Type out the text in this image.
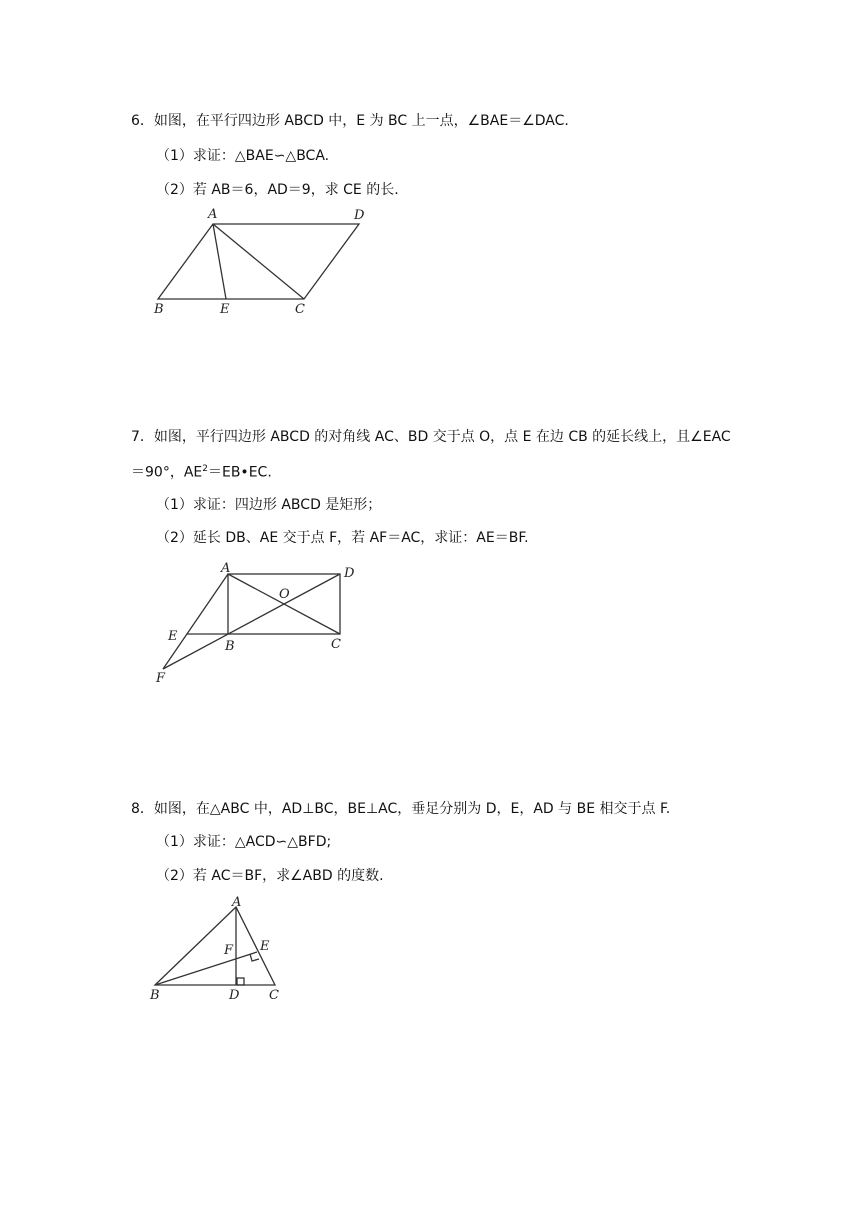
6．如图，在平行四边形 ABCD 中，E 为 BC 上一点，∠BAE＝∠DAC.
（1）求证：△BAE∽△BCA.
（2）若 AB＝6，AD＝9，求 CE 的长.
7．如图，平行四边形 ABCD 的对角线 AC、BD 交于点 O，点 E 在边 CB 的延长线上，且∠EAC
＝90°，$AE^2=EB•EC$.
（1）求证：四边形 ABCD 是矩形；
（2）延长 DB、AE 交于点 F，若 AF＝AC，求证：AE＝BF.
8．如图，在△ABC 中，AD⊥BC，BE⊥AC，垂足分别为 D，E，AD 与 BE 相交于点 F.
（1）求证：△ACD∽△BFD;
（2）若 AC＝BF，求∠ABD 的度数.
A	D
B	E	C
A	D
O
E
B	C
F
A
F E
B	D C
